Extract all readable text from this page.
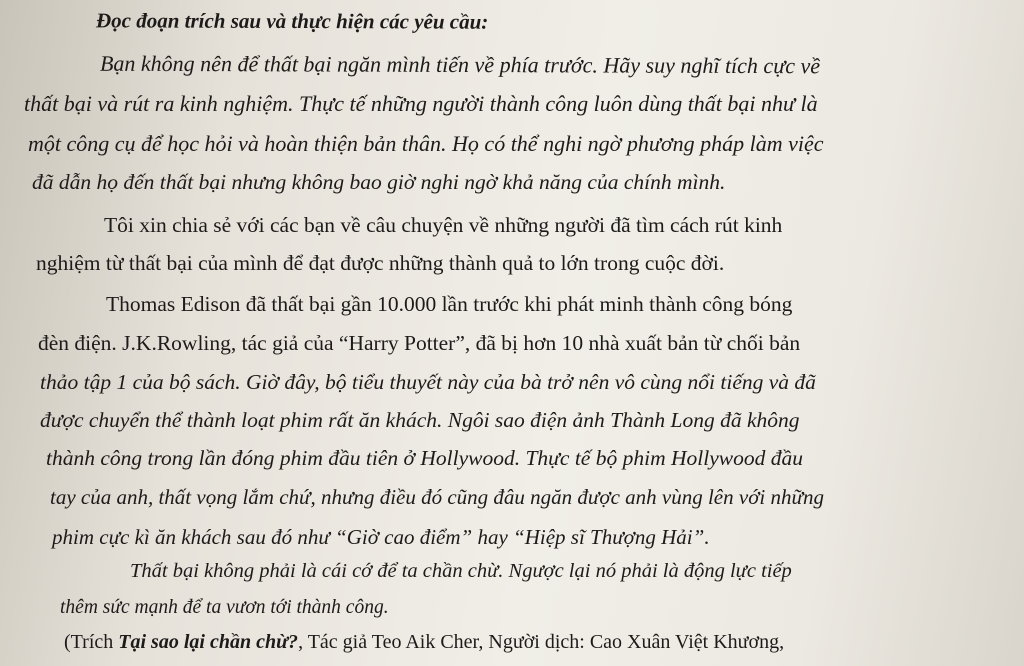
Đọc đoạn trích sau và thực hiện các yêu cầu:
Bạn không nên để thất bại ngăn mình tiến về phía trước. Hãy suy nghĩ tích cực về
thất bại và rút ra kinh nghiệm. Thực tế những người thành công luôn dùng thất bại như là
một công cụ để học hỏi và hoàn thiện bản thân. Họ có thể nghi ngờ phương pháp làm việc
đã dẫn họ đến thất bại nhưng không bao giờ nghi ngờ khả năng của chính mình.
Tôi xin chia sẻ với các bạn về câu chuyện về những người đã tìm cách rút kinh
nghiệm từ thất bại của mình để đạt được những thành quả to lớn trong cuộc đời.
Thomas Edison đã thất bại gần 10.000 lần trước khi phát minh thành công bóng
đèn điện. J.K.Rowling, tác giả của “Harry Potter”, đã bị hơn 10 nhà xuất bản từ chối bản
thảo tập 1 của bộ sách. Giờ đây, bộ tiểu thuyết này của bà trở nên vô cùng nổi tiếng và đã
được chuyển thể thành loạt phim rất ăn khách. Ngôi sao điện ảnh Thành Long đã không
thành công trong lần đóng phim đầu tiên ở Hollywood. Thực tế bộ phim Hollywood đầu
tay của anh, thất vọng lắm chứ, nhưng điều đó cũng đâu ngăn được anh vùng lên với những
phim cực kì ăn khách sau đó như “Giờ cao điểm” hay “Hiệp sĩ Thượng Hải”.
Thất bại không phải là cái cớ để ta chần chừ. Ngược lại nó phải là động lực tiếp
thêm sức mạnh để ta vươn tới thành công.
(Trích Tại sao lại chần chừ?, Tác giả Teo Aik Cher, Người dịch: Cao Xuân Việt Khương,
